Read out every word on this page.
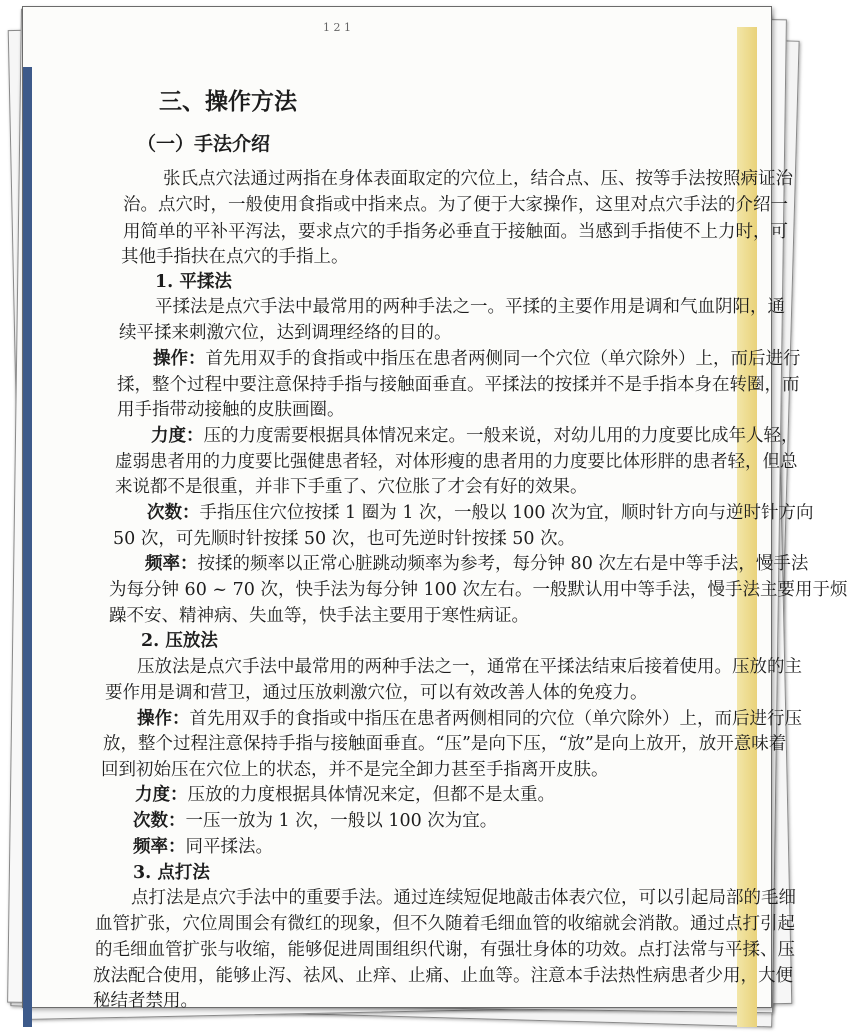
1 2 1
三、操作方法
（一）手法介绍
张氏点穴法通过两指在身体表面取定的穴位上，结合点、压、按等手法按照病证治
治。点穴时，一般使用食指或中指来点。为了便于大家操作，这里对点穴手法的介绍一
用简单的平补平泻法，要求点穴的手指务必垂直于接触面。当感到手指使不上力时，可
其他手指扶在点穴的手指上。
1. 平揉法
平揉法是点穴手法中最常用的两种手法之一。平揉的主要作用是调和气血阴阳，通
续平揉来刺激穴位，达到调理经络的目的。
操作：首先用双手的食指或中指压在患者两侧同一个穴位（单穴除外）上，而后进行
揉，整个过程中要注意保持手指与接触面垂直。平揉法的按揉并不是手指本身在转圈，而
用手指带动接触的皮肤画圈。
力度：压的力度需要根据具体情况来定。一般来说，对幼儿用的力度要比成年人轻，
虚弱患者用的力度要比强健患者轻，对体形瘦的患者用的力度要比体形胖的患者轻，但总
来说都不是很重，并非下手重了、穴位胀了才会有好的效果。
次数：手指压住穴位按揉 1 圈为 1 次，一般以 100 次为宜，顺时针方向与逆时针方向
50 次，可先顺时针按揉 50 次，也可先逆时针按揉 50 次。
频率：按揉的频率以正常心脏跳动频率为参考，每分钟 80 次左右是中等手法，慢手法
为每分钟 60 ~ 70 次，快手法为每分钟 100 次左右。一般默认用中等手法，慢手法主要用于烦
躁不安、精神病、失血等，快手法主要用于寒性病证。
2. 压放法
压放法是点穴手法中最常用的两种手法之一，通常在平揉法结束后接着使用。压放的主
要作用是调和营卫，通过压放刺激穴位，可以有效改善人体的免疫力。
操作：首先用双手的食指或中指压在患者两侧相同的穴位（单穴除外）上，而后进行压
放，整个过程注意保持手指与接触面垂直。“压”是向下压，“放”是向上放开，放开意味着
回到初始压在穴位上的状态，并不是完全卸力甚至手指离开皮肤。
力度：压放的力度根据具体情况来定，但都不是太重。
次数：一压一放为 1 次，一般以 100 次为宜。
频率：同平揉法。
3. 点打法
点打法是点穴手法中的重要手法。通过连续短促地敲击体表穴位，可以引起局部的毛细
血管扩张，穴位周围会有微红的现象，但不久随着毛细血管的收缩就会消散。通过点打引起
的毛细血管扩张与收缩，能够促进周围组织代谢，有强壮身体的功效。点打法常与平揉、压
放法配合使用，能够止泻、祛风、止痒、止痛、止血等。注意本手法热性病患者少用，大便
秘结者禁用。
